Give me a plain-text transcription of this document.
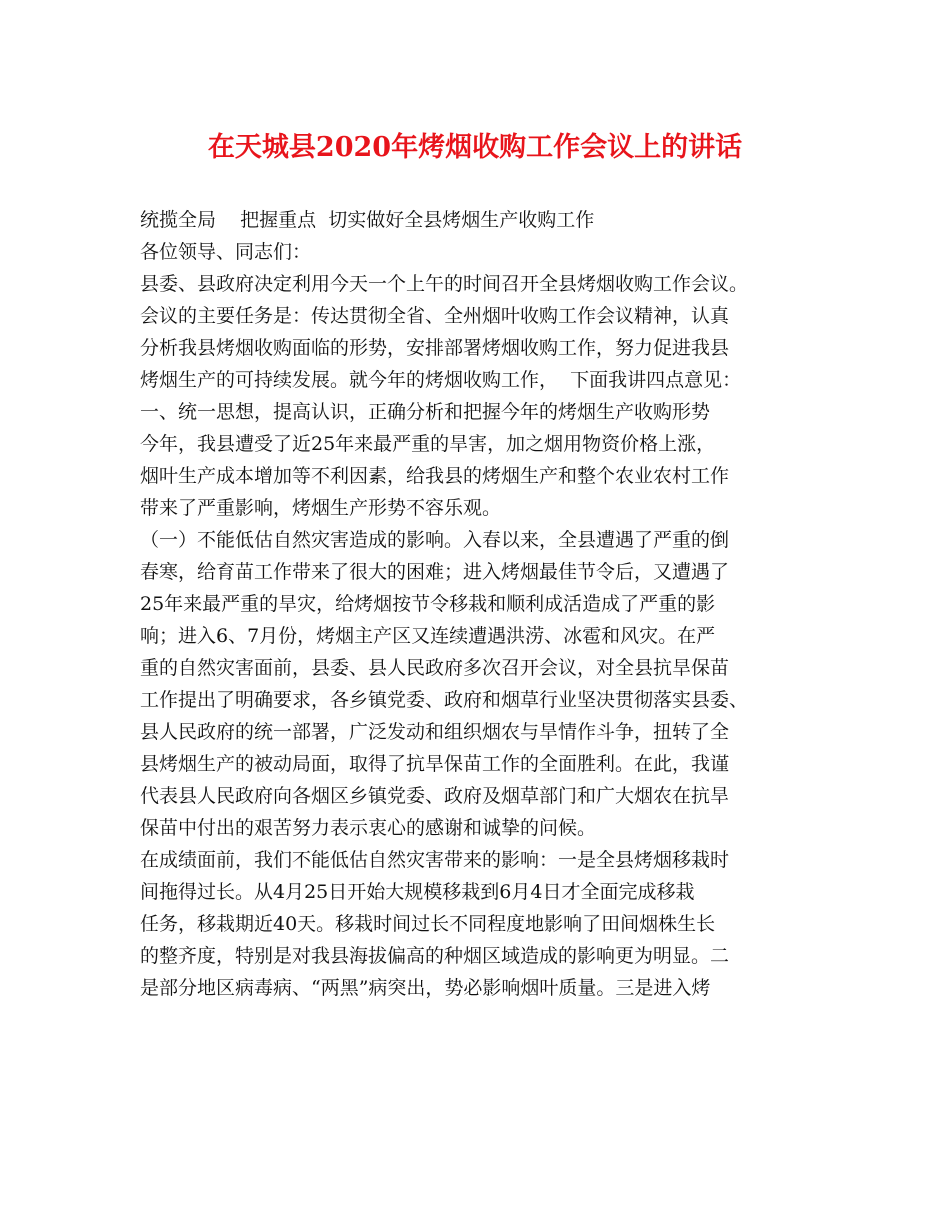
在天城县2020年烤烟收购工作会议上的讲话

统揽全局    把握重点  切实做好全县烤烟生产收购工作

各位领导、同志们：

县委、县政府决定利用今天一个上午的时间召开全县烤烟收购工作会议。

会议的主要任务是：传达贯彻全省、全州烟叶收购工作会议精神，认真

分析我县烤烟收购面临的形势，安排部署烤烟收购工作，努力促进我县

烤烟生产的可持续发展。就今年的烤烟收购工作，  下面我讲四点意见：

一、统一思想，提高认识，正确分析和把握今年的烤烟生产收购形势

今年，我县遭受了近25年来最严重的旱害，加之烟用物资价格上涨，

烟叶生产成本增加等不利因素，给我县的烤烟生产和整个农业农村工作

带来了严重影响，烤烟生产形势不容乐观。

（一）不能低估自然灾害造成的影响。入春以来，全县遭遇了严重的倒

春寒，给育苗工作带来了很大的困难；进入烤烟最佳节令后，又遭遇了

25年来最严重的旱灾，给烤烟按节令移栽和顺利成活造成了严重的影

响；进入6、7月份，烤烟主产区又连续遭遇洪涝、冰雹和风灾。在严

重的自然灾害面前，县委、县人民政府多次召开会议，对全县抗旱保苗

工作提出了明确要求，各乡镇党委、政府和烟草行业坚决贯彻落实县委、

县人民政府的统一部署，广泛发动和组织烟农与旱情作斗争，扭转了全

县烤烟生产的被动局面，取得了抗旱保苗工作的全面胜利。在此，我谨

代表县人民政府向各烟区乡镇党委、政府及烟草部门和广大烟农在抗旱

保苗中付出的艰苦努力表示衷心的感谢和诚挚的问候。

在成绩面前，我们不能低估自然灾害带来的影响：一是全县烤烟移栽时

间拖得过长。从4月25日开始大规模移栽到6月4日才全面完成移栽

任务，移栽期近40天。移栽时间过长不同程度地影响了田间烟株生长

的整齐度，特别是对我县海拔偏高的种烟区域造成的影响更为明显。二

是部分地区病毒病、“两黑”病突出，势必影响烟叶质量。三是进入烤
